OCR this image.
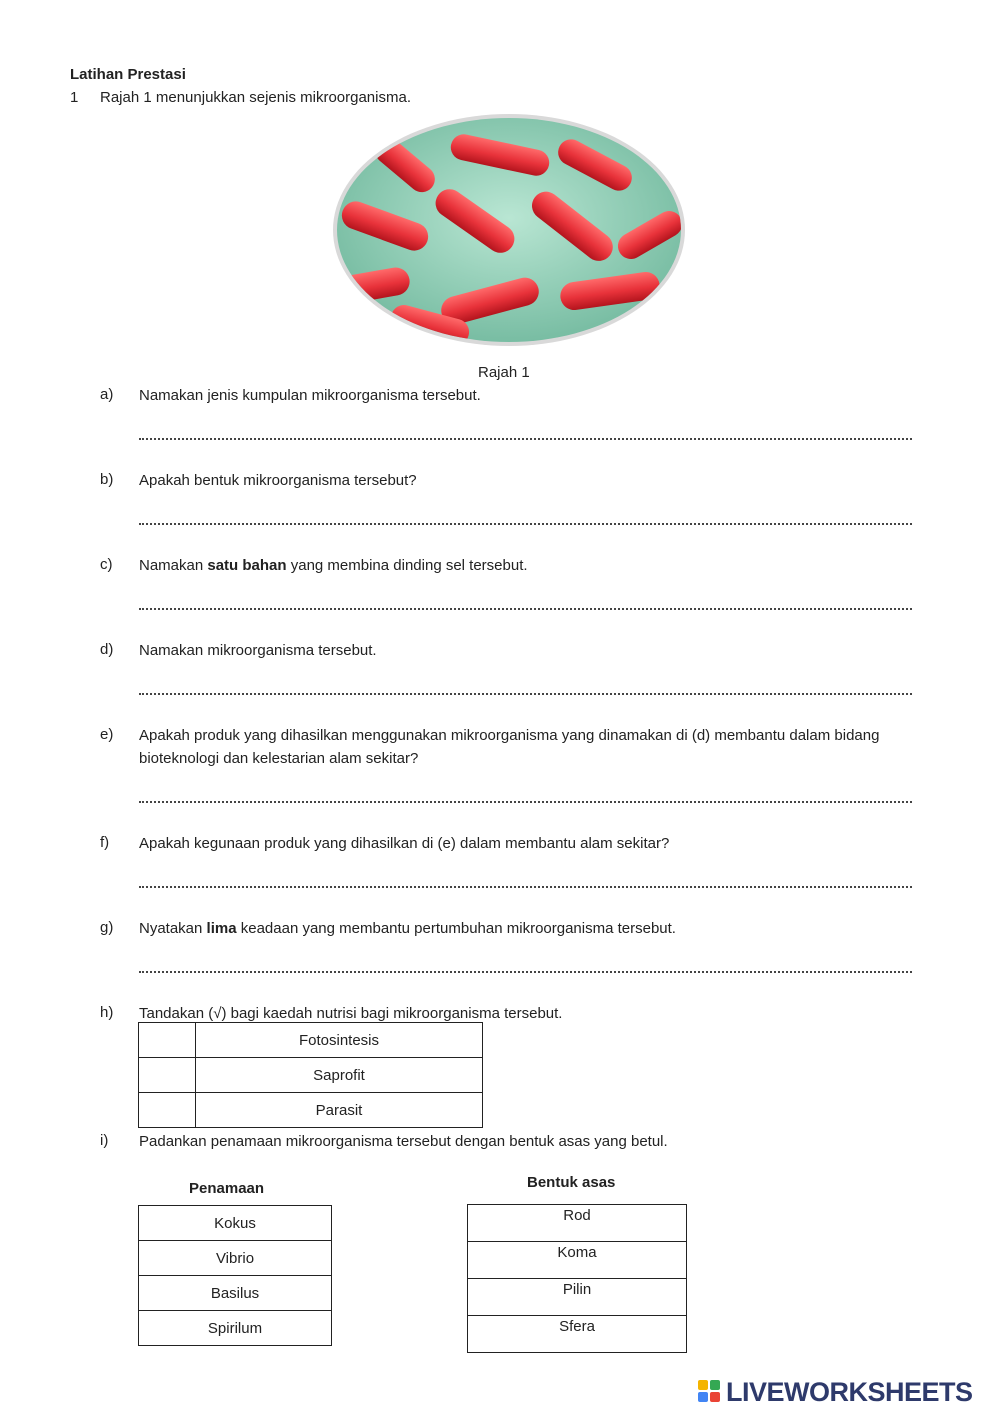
Latihan Prestasi
1 Rajah 1 menunjukkan sejenis mikroorganisma.
Rajah 1
a) Namakan jenis kumpulan mikroorganisma tersebut.
b) Apakah bentuk mikroorganisma tersebut?
c) Namakan satu bahan yang membina dinding sel tersebut.
d) Namakan mikroorganisma tersebut.
e) Apakah produk yang dihasilkan menggunakan mikroorganisma yang dinamakan di (d) membantu dalam bidang bioteknologi dan kelestarian alam sekitar?
f) Apakah kegunaan produk yang dihasilkan di (e) dalam membantu alam sekitar?
g) Nyatakan lima keadaan yang membantu pertumbuhan mikroorganisma tersebut.
h) Tandakan (√) bagi kaedah nutrisi bagi mikroorganisma tersebut.
	Fotosintesis
	Saprofit
	Parasit
i) Padankan penamaan mikroorganisma tersebut dengan bentuk asas yang betul.
Penamaan	Bentuk asas
Kokus
Vibrio
Basilus
Spirilum
Rod
Koma
Pilin
Sfera
LIVEWORKSHEETS
